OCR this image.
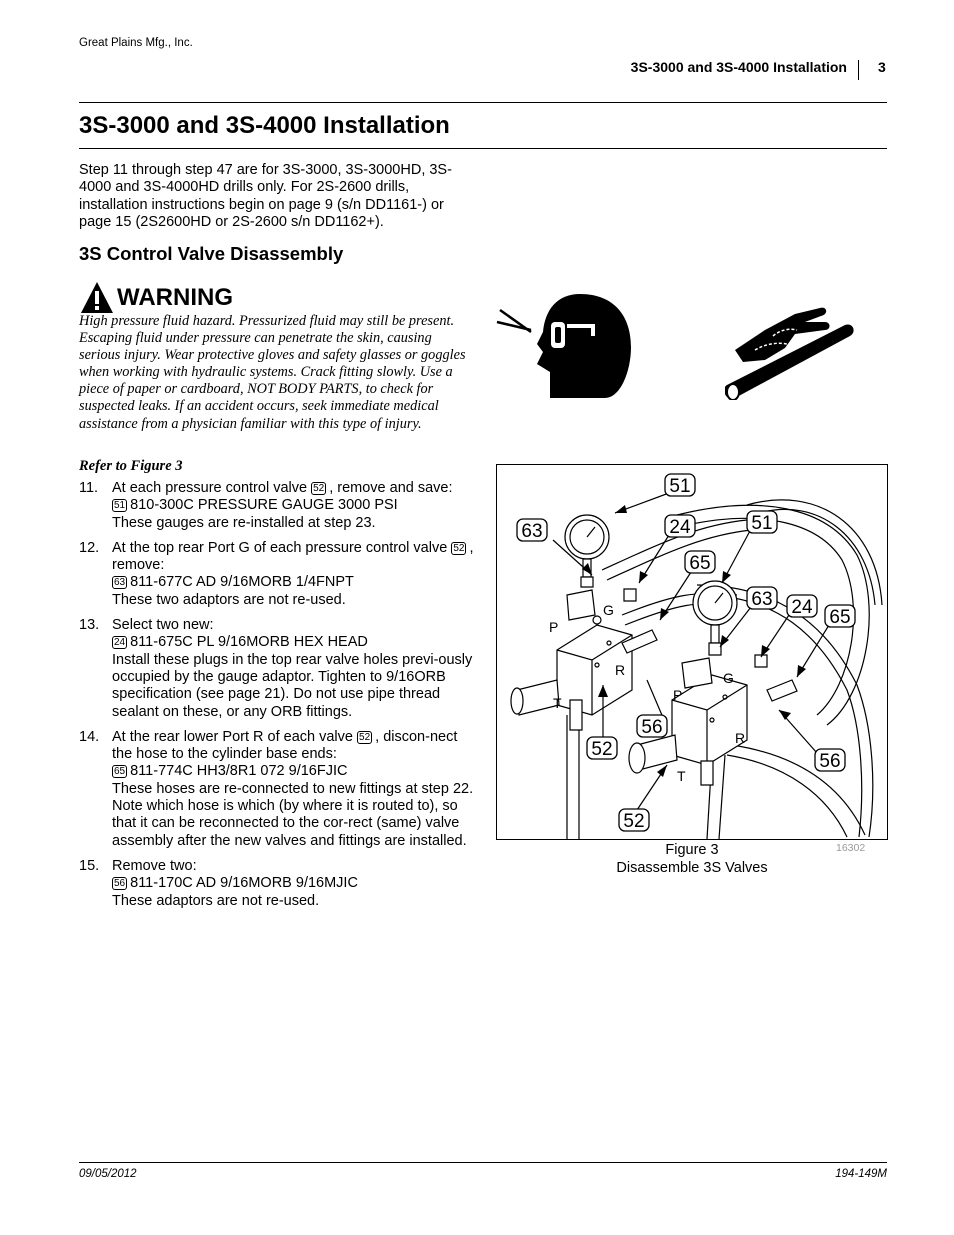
Great Plains Mfg., Inc.
3S-3000 and 3S-4000 Installation 3
3S-3000 and 3S-4000 Installation
Step 11 through step 47 are for 3S-3000, 3S-3000HD, 3S-4000 and 3S-4000HD drills only. For 2S-2600 drills, installation instructions begin on page 9 (s/n DD1161-) or page 15 (2S2600HD or 2S-2600 s/n DD1162+).
3S Control Valve Disassembly
WARNING
High pressure fluid hazard. Pressurized fluid may still be present. Escaping fluid under pressure can penetrate the skin, causing serious injury. Wear protective gloves and safety glasses or goggles when working with hydraulic systems. Crack fitting slowly. Use a piece of paper or cardboard, NOT BODY PARTS, to check for suspected leaks. If an accident occurs, seek immediate medical assistance from a physician familiar with this type of injury.
Refer to Figure 3
11. At each pressure control valve 52 , remove and save:
51 810-300C PRESSURE GAUGE 3000 PSI
These gauges are re-installed at step 23.
12. At the top rear Port G of each pressure control valve 52 , remove:
63 811-677C AD 9/16MORB 1/4FNPT
These two adaptors are not re-used.
13. Select two new:
24 811-675C PL 9/16MORB HEX HEAD
Install these plugs in the top rear valve holes previ-ously occupied by the gauge adaptor. Tighten to 9/16ORB specification (see page 21). Do not use pipe thread sealant on these, or any ORB fittings.
14. At the rear lower Port R of each valve 52 , discon-nect the hose to the cylinder base ends:
65 811-774C HH3/8R1 072 9/16FJIC
These hoses are re-connected to new fittings at step 22. Note which hose is which (by where it is routed to), so that it can be reconnected to the cor-rect (same) valve assembly after the new valves and fittings are installed.
15. Remove two:
56 811-170C AD 9/16MORB 9/16MJIC
These adaptors are not re-used.
51
63	24	51
65
63 24 65
56
52
56
52
P
G
R
T	P
G
R
T
Figure 3
Disassemble 3S Valves
16302
09/05/2012	194-149M
